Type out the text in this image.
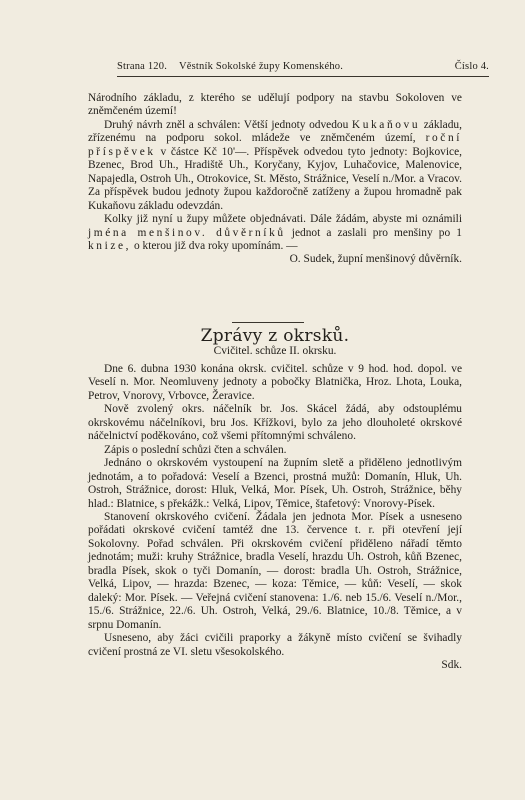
Strana 120. Věstník Sokolské župy Komenského.	Číslo 4.

Národního základu, z kterého se udělují podpory na stavbu Sokoloven ve zněmčeném území!

Druhý návrh zněl a schválen: Větší jednoty odvedou Kukaňovu základu, zřízenému na podporu sokol. mládeže ve zněmčeném území, roční příspěvek v částce Kč 10'—. Příspěvek odvedou tyto jednoty: Bojkovice, Bzenec, Brod Uh., Hradiště Uh., Koryčany, Kyjov, Luhačovice, Malenovice, Napajedla, Ostroh Uh., Otrokovice, St. Město, Strážnice, Veselí n./Mor. a Vracov. Za příspěvek budou jednoty župou každoročně zatíženy a župou hromadně pak Kukaňovu základu odevzdán.

Kolky již nyní u župy můžete objednávati. Dále žádám, abyste mi oznámili jména menšinov. důvěrníků jednot a zaslali pro menšiny po 1 knize, o kterou již dva roky upomínám. —

O. Sudek, župní menšinový důvěrník.

Zprávy z okrsků.
Cvičitel. schůze II. okrsku.

Dne 6. dubna 1930 konána okrsk. cvičitel. schůze v 9 hod. hod. dopol. ve Veselí n. Mor. Neomluveny jednoty a pobočky Blatnička, Hroz. Lhota, Louka, Petrov, Vnorovy, Vrbovce, Žeravice.

Nově zvolený okrs. náčelník br. Jos. Skácel žádá, aby odstouplému okrskovému náčelníkovi, bru Jos. Křížkovi, bylo za jeho dlouholeté okrskové náčelnictví poděkováno, což všemi přítomnými schváleno.

Zápis o poslední schůzi čten a schválen.

Jednáno o okrskovém vystoupení na župním sletě a přiděleno jednotlivým jednotám, a to pořadová: Veselí a Bzenci, prostná mužů: Domanín, Hluk, Uh. Ostroh, Strážnice, dorost: Hluk, Velká, Mor. Písek, Uh. Ostroh, Strážnice, běhy hlad.: Blatnice, s překážk.: Velká, Lipov, Těmice, štafetový: Vnorovy-Písek.

Stanovení okrskového cvičení. Žádala jen jednota Mor. Písek a usneseno pořádati okrskové cvičení tamtéž dne 13. července t. r. při otevření její Sokolovny. Pořad schválen. Při okrskovém cvičení přiděleno nářadí těmto jednotám; muži: kruhy Strážnice, bradla Veselí, hrazdu Uh. Ostroh, kůň Bzenec, bradla Písek, skok o tyči Domanín, — dorost: bradla Uh. Ostroh, Strážnice, Velká, Lipov, — hrazda: Bzenec, — koza: Těmice, — kůň: Veselí, — skok daleký: Mor. Písek. — Veřejná cvičení stanovena: 1./6. neb 15./6. Veselí n./Mor., 15./6. Strážnice, 22./6. Uh. Ostroh, Velká, 29./6. Blatnice, 10./8. Těmice, a v srpnu Domanín.

Usneseno, aby žáci cvičili praporky a žákyně místo cvičení se švihadly cvičení prostná ze VI. sletu všesokolského.

Sdk.
